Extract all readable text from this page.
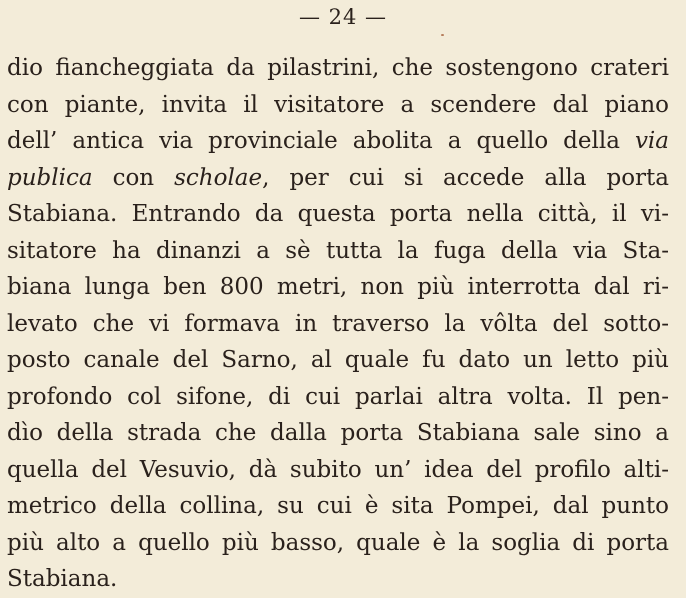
— 24 —
dio fiancheggiata da pilastrini, che sostengono crateri
con piante, invita il visitatore a scendere dal piano
dell’ antica via provinciale abolita a quello della via
publica con scholae, per cui si accede alla porta
Stabiana. Entrando da questa porta nella città, il vi-
sitatore ha dinanzi a sè tutta la fuga della via Sta-
biana lunga ben 800 metri, non più interrotta dal ri-
levato che vi formava in traverso la vôlta del sotto-
posto canale del Sarno, al quale fu dato un letto più
profondo col sifone, di cui parlai altra volta. Il pen-
dìo della strada che dalla porta Stabiana sale sino a
quella del Vesuvio, dà subito un’ idea del profilo alti-
metrico della collina, su cui è sita Pompei, dal punto
più alto a quello più basso, quale è la soglia di porta
Stabiana.
